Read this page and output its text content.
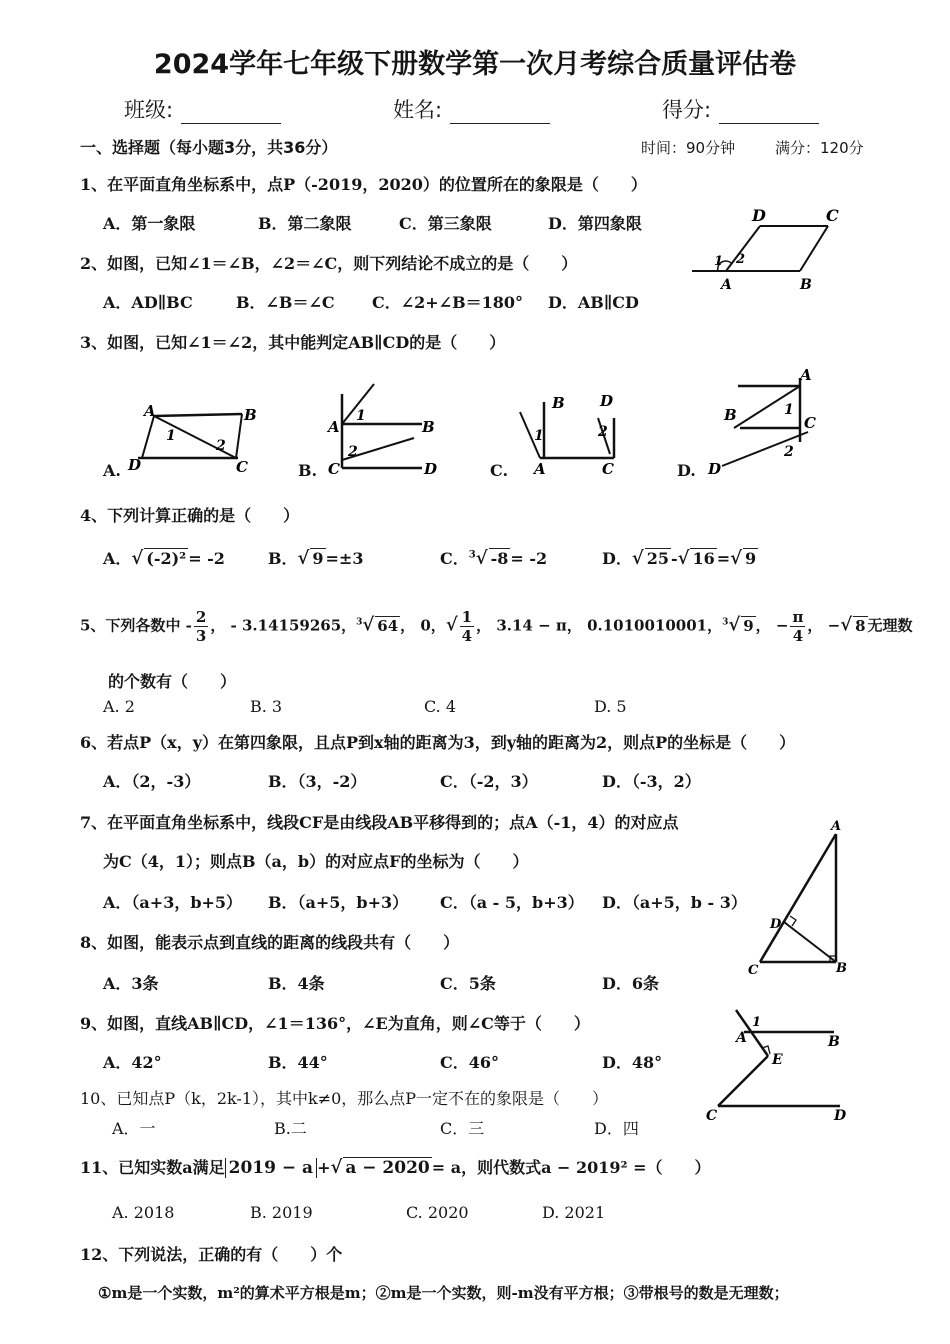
2024学年七年级下册数学第一次月考综合质量评估卷
班级:	姓名:	得分:
一、选择题（每小题3分，共36分）	时间：90分钟	满分：120分
1、在平面直角坐标系中，点P（-2019，2020）的位置所在的象限是（　　）
A．第一象限	B．第二象限	C．第三象限	D．第四象限
2、如图，已知∠1＝∠B，∠2＝∠C，则下列结论不成立的是（　　）
A．AD∥BC	B．∠B＝∠C C．∠2+∠B＝180° D．AB∥CD
D	C
A	B
1 2
3、如图，已知∠1＝∠2，其中能判定AB∥CD的是（　　）
A.
A	B
C
D
1
2
B.
A	B
C	D
1
2
C.
B D
A	C
1	2
D.
A
B	C
D
1
2
4、下列计算正确的是（　　）
A．√ (-2)² = -2	B．√ 9 =±3	C．$^3$√ -8 = -2	D．√ 25 -√ 16 =√ 9
5、下列各数中 - $\frac{2}{3}$ ， - 3.14159265，$^3$√ 64 ， 0，√ $\frac{1}{4}$ ， 3.14 − π， 0.1010010001，$^3$√ 9 ， − $\frac{\pi}{4}$ ， −√ 8 无理数
的个数有（　　）
A. 2	B. 3	C. 4	D. 5
6、若点P（x，y）在第四象限，且点P到x轴的距离为3，到y轴的距离为2，则点P的坐标是（　　）
A．（2，-3）	B．（3，-2）	C．（-2，3）	D．（-3，2）
7、在平面直角坐标系中，线段CF是由线段AB平移得到的；点A（-1，4）的对应点
为C（4，1）；则点B（a，b）的对应点F的坐标为（　　）
A．（a+3，b+5） B．（a+5，b+3） C．（a - 5，b+3） D．（a+5，b - 3）
A
B
C
D
8、如图，能表示点到直线的距离的线段共有（　　）
A．3条	B．4条	C．5条	D．6条
9、如图，直线AB∥CD，∠1＝136°，∠E为直角，则∠C等于（　　）
A．42°	B．44°	C．46°	D．48°
1
A	B
E
C	D
10、已知点P（k，2k-1），其中k≠0，那么点P一定不在的象限是（　　）
A．一	B.二	C．三	D．四
11、已知实数a满足 2019 − a +√ a − 2020 = a，则代数式a − 2019² =（　　）
A. 2018	B. 2019	C. 2020	D. 2021
12、下列说法，正确的有（　　）个
①m是一个实数，m²的算术平方根是m；②m是一个实数，则-m没有平方根；③带根号的数是无理数；
